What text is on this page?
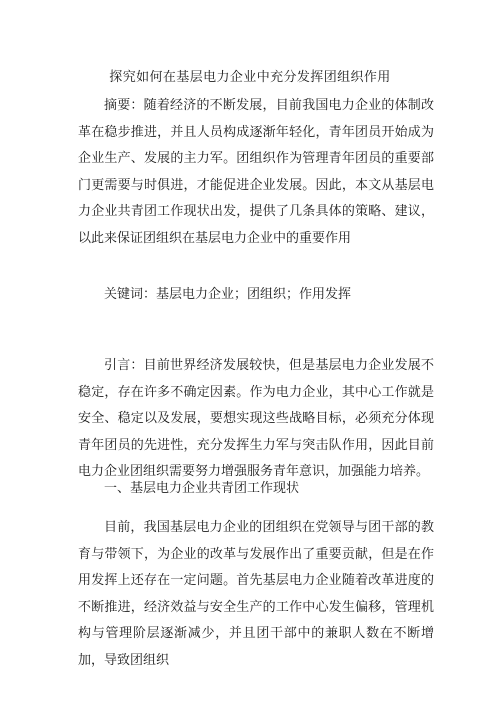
探究如何在基层电力企业中充分发挥团组织作用

摘要：随着经济的不断发展，目前我国电力企业的体制改革在稳步推进，并且人员构成逐渐年轻化，青年团员开始成为企业生产、发展的主力军。团组织作为管理青年团员的重要部门更需要与时俱进，才能促进企业发展。因此，本文从基层电力企业共青团工作现状出发，提供了几条具体的策略、建议，以此来保证团组织在基层电力企业中的重要作用

关键词：基层电力企业；团组织；作用发挥

引言：目前世界经济发展较快，但是基层电力企业发展不稳定，存在许多不确定因素。作为电力企业，其中心工作就是安全、稳定以及发展，要想实现这些战略目标，必须充分体现青年团员的先进性，充分发挥生力军与突击队作用，因此目前电力企业团组织需要努力增强服务青年意识，加强能力培养。

一、基层电力企业共青团工作现状

目前，我国基层电力企业的团组织在党领导与团干部的教育与带领下，为企业的改革与发展作出了重要贡献，但是在作用发挥上还存在一定问题。首先基层电力企业随着改革进度的不断推进，经济效益与安全生产的工作中心发生偏移，管理机构与管理阶层逐渐减少，并且团干部中的兼职人数在不断增加，导致团组织
